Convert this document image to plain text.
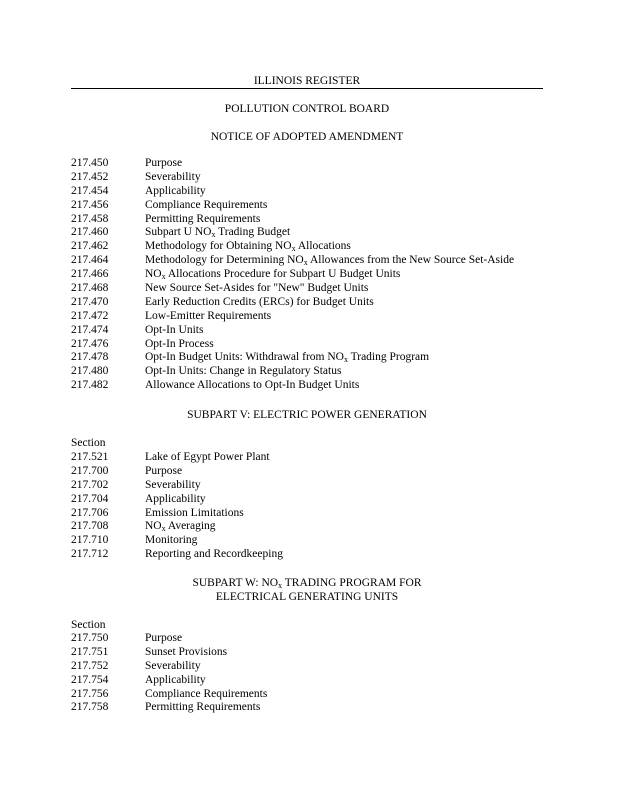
ILLINOIS REGISTER
POLLUTION CONTROL BOARD
NOTICE OF ADOPTED AMENDMENT
217.450	Purpose
217.452	Severability
217.454	Applicability
217.456	Compliance Requirements
217.458	Permitting Requirements
217.460	Subpart U $NO_x$ Trading Budget
217.462	Methodology for Obtaining $NO_x$ Allocations
217.464	Methodology for Determining $NO_x$ Allowances from the New Source Set-Aside
217.466	$NO_x$ Allocations Procedure for Subpart U Budget Units
217.468	New Source Set-Asides for "New" Budget Units
217.470	Early Reduction Credits (ERCs) for Budget Units
217.472	Low-Emitter Requirements
217.474	Opt-In Units
217.476	Opt-In Process
217.478	Opt-In Budget Units: Withdrawal from $NO_x$ Trading Program
217.480	Opt-In Units: Change in Regulatory Status
217.482	Allowance Allocations to Opt-In Budget Units
SUBPART V: ELECTRIC POWER GENERATION
Section
217.521	Lake of Egypt Power Plant
217.700	Purpose
217.702	Severability
217.704	Applicability
217.706	Emission Limitations
217.708	$NO_x$ Averaging
217.710	Monitoring
217.712	Reporting and Recordkeeping
SUBPART W: $NO_x$ TRADING PROGRAM FOR
ELECTRICAL GENERATING UNITS
Section
217.750	Purpose
217.751	Sunset Provisions
217.752	Severability
217.754	Applicability
217.756	Compliance Requirements
217.758	Permitting Requirements
